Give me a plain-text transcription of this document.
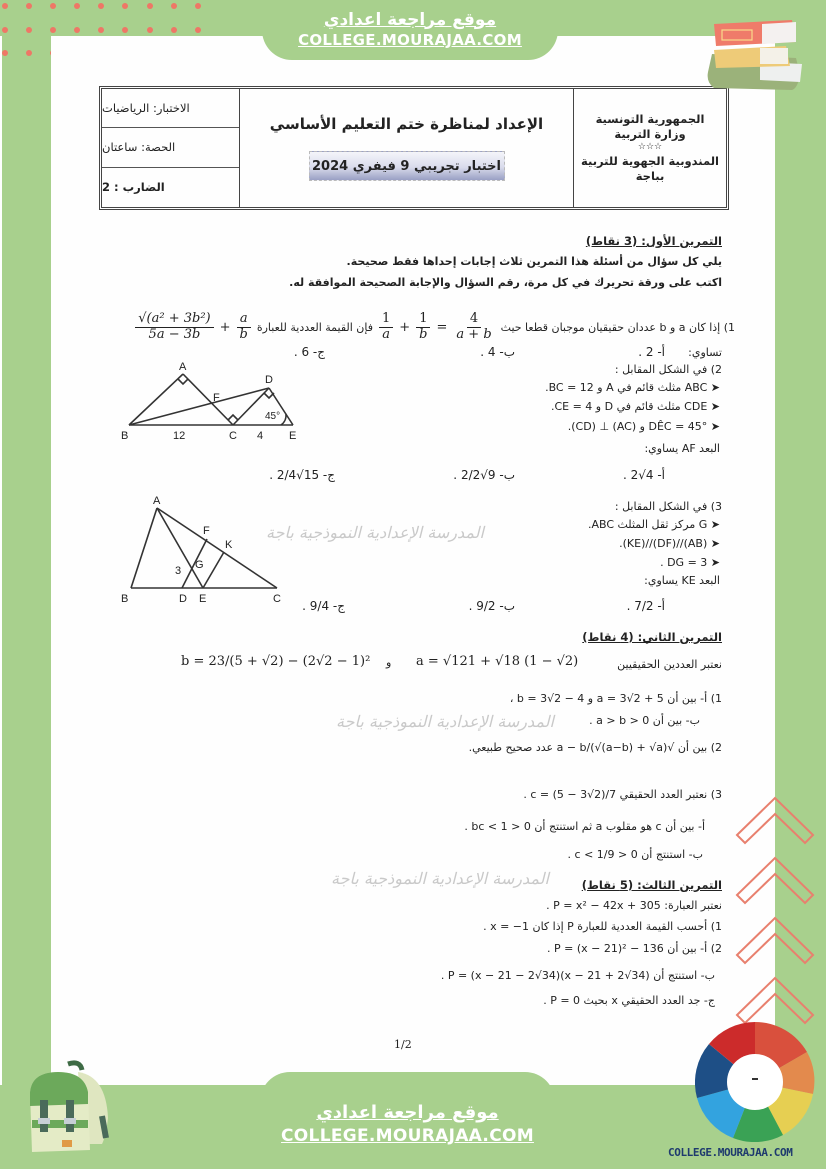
الاختبار: الرياضيات
الحصة: ساعتان
الضارب : 2
الإعداد لمناظرة ختم التعليم الأساسي
اختبار تجريبي 9 فيفري 2024
الجمهورية التونسية
وزارة التربية
☆☆☆
المندوبية الجهوية للتربية
بباجة
التمرين الأول: (3 نقاط)
يلي كل سؤال من أسئلة هذا التمرين ثلاث إجابات إحداها فقط صحيحة.
اكتب على ورقة تحريرك في كل مرة، رقم السؤال والإجابة الصحيحة الموافقة له.
1) إذا كان a و b عددان حقيقيان موجبان قطعا حيث
$\frac{4}{a + b}$
=
$\frac{1}{b}$
+
$\frac{1}{a}$
فإن القيمة العددية للعبارة
$\frac{a}{b}$
+
$\frac{\text{√(a² + 3b²)}}{5a - 3b}$
تساوي:
أ- 2 .
ب- 4 .
ج- 6 .
2) في الشكل المقابل :
➤ ABC مثلث قائم في A و BC = 12.
➤ CDE مثلث قائم في D و CE = 4.
➤ DÊC = 45° و (AC) ⊥ (CD).
البعد AF يساوي:
أ- 4√2 .
ب- 9√2/2 .
ج- 15√2/4 .
A
B	C
D
E
F
12	4
45°
3) في الشكل المقابل :
➤ G مركز ثقل المثلث ABC.
➤ (AB)//(DF)//(KE).
➤ DG = 3 .
البعد KE يساوي:
أ- 7/2 .
ب- 9/2 .
ج- 9/4 .
A
B	D E	C
F
K
G
3
المدرسة الإعدادية النموذجية باجة
التمرين الثاني: (4 نقاط)
نعتبر العددين الحقيقيين
a = √121 + √18 (1 − √2)
و
b = 23/(5 + √2) − (2√2 − 1)²
1) أ- بين أن a = 3√2 + 5 و b = 3√2 − 4 ،
ب- بين أن a > b > 0 .
المدرسة الإعدادية النموذجية باجة
2) بين أن √a − b/(√(a−b) + √a) عدد صحيح طبيعي.
3) نعتبر العدد الحقيقي c = (5 − 3√2)/7 .
أ- بين أن c هو مقلوب a ثم استنتج أن 0 < bc < 1 .
ب- استنتج أن 0 < c < 1/9 .
المدرسة الإعدادية النموذجية باجة	التمرين الثالث: (5 نقاط)
نعتبر العبارة: P = x² − 42x + 305 .
1) أحسب القيمة العددية للعبارة P إذا كان x = −1 .
2) أ- بين أن P = (x − 21)² − 136 .
ب- استنتج أن P = (x − 21 − 2√34)(x − 21 + 2√34) .
ج- جد العدد الحقيقي x بحيث P = 0 .
1/2
موقع مراجعة اعدادي
COLLEGE.MOURAJAA.COM
COLLEGE.MOURAJAA.COM
موقع مراجعة اعدادي
COLLEGE.MOURAJAA.COM
